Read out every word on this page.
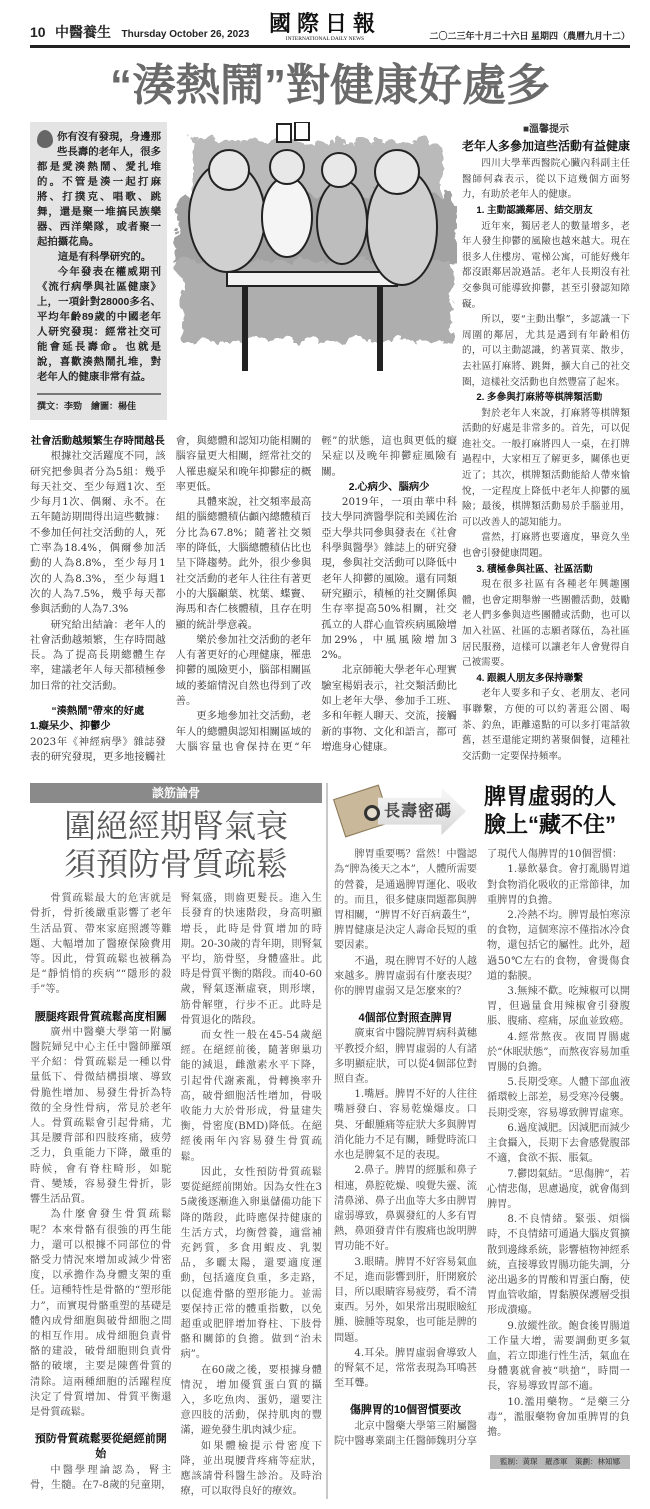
10 中醫養生 Thursday October 26, 2023 國際日報
INTERNATIONAL DAILY NEWS	二〇二三年十月二十六日 星期四（農曆九月十二）
“湊熱鬧”對健康好處多

你有沒有發現，身邊那些長壽的老年人，很多都是愛湊熱鬧、愛扎堆的。不管是湊一起打麻將、打撲克、唱歌、跳舞，還是聚一堆搞民族樂器、西洋樂隊，或者聚一起拍攝花鳥。

這是有科學研究的。

今年發表在權威期刊《流行病學與社區健康》上，一項針對28000多名、平均年齡89歲的中國老年人研究發現：經常社交可能會延長壽命。也就是說，喜歡湊熱鬧扎堆，對老年人的健康非常有益。

撰文：李勁　繪圖：楊佳
社會活動越頻繁生存時間越長

根據社交活躍度不同，該研究把參與者分為5組：幾乎每天社交、至少每週1次、至少每月1次、偶爾、永不。在五年隨訪期間得出這些數據：不參加任何社交活動的人，死亡率為18.4%，偶爾參加活動的人為8.8%，至少每月1次的人為8.3%，至少每週1次的人為7.5%，幾乎每天都參與活動的人為7.3%

研究給出結論：老年人的社會活動越頻繁，生存時間越長。為了提高長期總體生存率，建議老年人每天都積極參加日常的社交活動。

“湊熱鬧”帶來的好處
1.癡呆少、抑鬱少

2023年《神經病學》雜誌發表的研究發現，更多地接觸社會，與總體和認知功能相關的腦容量更大相關，經常社交的人罹患癡呆和晚年抑鬱症的概率更低。

具體來說，社交頻率最高組的腦總體積佔顱內總體積百分比為67.8%；隨著社交頻率的降低，大腦總體積佔比也呈下降趨勢。此外，很少參與社交活動的老年人往往有著更小的大腦顳葉、枕葉、蝶竇、海馬和杏仁核體積，且存在明顯的統計學意義。

樂於參加社交活動的老年人有著更好的心理健康，罹患抑鬱的風險更小，腦部相關區域的萎縮情況自然也得到了改善。

更多地參加社交活動，老年人的總體與認知相關區域的大腦容量也會保持在更“年輕”的狀態，這也與更低的癡呆症以及晚年抑鬱症風險有關。

2.心病少、腦病少

2019年，一項由華中科技大學同濟醫學院和美國佐治亞大學共同參與發表在《社會科學與醫學》雜誌上的研究發現，參與社交活動可以降低中老年人抑鬱的風險。還有同類研究顯示，積極的社交關係與生存率提高50%相關，社交孤立的人群心血管疾病風險增加29%，中風風險增加32%。

北京師範大學老年心理實驗室楊娟表示，社交類活動比如上老年大學、參加手工班、多和年輕人聊天、交流，接觸新的事物、文化和語言，都可增進身心健康。

■溫馨提示
老年人多參加這些活動有益健康

四川大學華西醫院心臟內科副主任醫師何森表示，從以下這幾個方面努力，有助於老年人的健康。

1. 主動認識鄰居、結交朋友

近年來，獨居老人的數量增多，老年人發生抑鬱的風險也越來越大。現在很多人住樓房、電梯公寓，可能好幾年都沒跟鄰居說過話。老年人長期沒有社交參與可能導致抑鬱，甚至引發認知障礙。

所以，要“主動出擊”，多認識一下周圍的鄰居，尤其是遇到有年齡相仿的，可以主動認識，約著買菜、散步，去社區打麻將、跳舞，擴大自己的社交圈，這樣社交活動也自然豐富了起來。

2. 多參與打麻將等棋牌類活動

對於老年人來說，打麻將等棋牌類活動的好處是非常多的。首先，可以促進社交。一般打麻將四人一桌，在打牌過程中，大家相互了解更多，關係也更近了；其次，棋牌類活動能給人帶來愉悅，一定程度上降低中老年人抑鬱的風險；最後，棋牌類活動易於手腦並用，可以改善人的認知能力。

當然，打麻將也要適度，畢竟久坐也會引發健康問題。

3. 積極參與社區、社區活動

現在很多社區有各種老年興趣團體，也會定期舉辦一些團體活動，鼓勵老人們多參與這些團體或活動，也可以加入社區、社區的志願者隊伍，為社區居民服務，這樣可以讓老年人會覺得自己被需要。

4. 跟親人朋友多保持聯繫

老年人要多和子女、老朋友、老同事聯繫，方便的可以約著逛公園、喝茶、釣魚，距離遠點的可以多打電話敘舊，甚至還能定期約著聚個餐，這種社交活動一定要保持頻率。

談筋論骨
圍絕經期腎氣衰
須預防骨質疏鬆

骨質疏鬆最大的危害就是骨折，骨折後嚴重影響了老年生活品質、帶來家庭照護等難題、大幅增加了醫療保險費用等。因此，骨質疏鬆也被稱為是“靜悄悄的疾病”“隱形的殺手”等。

腰腿疼跟骨質疏鬆高度相關

廣州中醫藥大學第一附屬醫院婦兒中心主任中醫師羅頌平介紹：骨質疏鬆是一種以骨量低下、骨微結構損壞、導致骨脆性增加、易發生骨折為特徵的全身性骨病，常見於老年人。骨質疏鬆會引起骨痛，尤其是腰背部和四肢疼痛，疲勞乏力，負重能力下降，嚴重的時候，會有脊柱畸形，如駝背、變矮，容易發生骨折，影響生活品質。

為什麼會發生骨質疏鬆呢？本來骨骼有很強的再生能力，還可以根據不同部位的骨骼受力情況來增加或減少骨密度，以承擔作為身體支架的重任。這種特性是骨骼的“塑形能力”，而實現骨骼重塑的基礎是體內成骨細胞與破骨細胞之間的相互作用。成骨細胞負責骨骼的建設，破骨細胞則負責骨骼的破壞，主要是陳舊骨質的清除。這兩種細胞的活躍程度決定了骨質增加、骨質平衡還是骨質疏鬆。

預防骨質疏鬆要從絕經前開始

中醫學理論認為，腎主骨，生髓。在7-8歲的兒童期，腎氣盛，則齒更髮長。進入生長發育的快速階段，身高明顯增長，此時是骨質增加的時期。20-30歲的青年期，則腎氣平均，筋骨堅，身體盛壯。此時是骨質平衡的階段。而40-60歲，腎氣逐漸虛衰，則形壞，筋骨解墮，行步不正。此時是骨質退化的階段。

而女性一般在45-54歲絕經。在絕經前後，隨著卵巢功能的減退，雌激素水平下降，引起骨代謝紊亂，骨轉換率升高，破骨細胞活性增加，骨吸收能力大於骨形成，骨量建失衡，骨密度(BMD)降低。在絕經後兩年內容易發生骨質疏鬆。

因此，女性預防骨質疏鬆要從絕經前開始。因為女性在35歲後逐漸進入卵巢儲備功能下降的階段，此時應保持健康的生活方式，均衡營養，適當補充鈣質，多食用蝦皮、乳製品，多曬太陽，還要適度運動，包括適度負重，多走路，以促進骨骼的塑形能力。並需要保持正常的體重指數，以免超重或肥胖增加脊柱、下肢骨骼和關節的負擔。做到“治未病”。

在60歲之後，要根據身體情況，增加優質蛋白質的攝入，多吃魚肉、蛋奶，還要注意四肢的活動，保持肌肉的豐滿，避免發生肌肉減少症。

如果體檢提示骨密度下降，並出現腰背疼痛等症狀，應該請骨科醫生診治。及時治療，可以取得良好的療效。

長壽密碼
脾胃虛弱的人
臉上“藏不住”

脾胃重要嗎？當然！中醫認為“脾為後天之本”，人體所需要的營養，是通過脾胃運化、吸收的。而且，很多健康問題都與脾胃相關，“脾胃不好百病叢生”，脾胃健康是決定人壽命長短的重要因素。

不過，現在脾胃不好的人越來越多。脾胃虛弱有什麼表現？你的脾胃虛弱又是怎麼來的？

4個部位對照查脾胃

廣東省中醫院脾胃病科黃穗平教授介紹，脾胃虛弱的人有諸多明顯症狀，可以從4個部位對照自查。

1.嘴唇。脾胃不好的人往往嘴唇發白、容易乾燥爆皮。口臭、牙齦腫痛等症狀大多與脾胃消化能力不足有關，睡覺時流口水也是脾氣不足的表現。

2.鼻子。脾胃的經脈和鼻子相連，鼻腔乾燥、嗅覺失靈、流清鼻涕、鼻子出血等大多由脾胃虛弱導致，鼻翼發紅的人多有胃熱，鼻頭發青伴有腹痛也說明脾胃功能不好。

3.眼睛。脾胃不好容易氣血不足，進而影響到肝，肝開竅於目，所以眼睛容易疲勞，看不清東西。另外，如果常出現眼瞼紅腫、臉腫等現象，也可能是脾的問題。

4.耳朵。脾胃虛弱會導致人的腎氣不足，常常表現為耳鳴甚至耳聾。

傷脾胃的10個習慣要改

北京中醫藥大學第三附屬醫院中醫專業副主任醫師魏玥分享了現代人傷脾胃的10個習慣：

1.暴飲暴食。會打亂腸胃道對食物消化吸收的正常節律，加重脾胃的負擔。

2.冷熱不均。脾胃最怕寒涼的食物，這個寒涼不僅指冰冷食物，還包括它的屬性。此外，超過50℃左右的食物，會燙傷食道的黏膜。

3.無辣不歡。吃辣椒可以開胃，但過量食用辣椒會引發腹脹、腹痛、痙痛，尿血並致癌。

4.經常熬夜。夜間胃腸處於“休眠狀態”，而熬夜容易加重胃腸的負擔。

5.長期受寒。人體下部血液循環較上部差，易受寒冷侵襲。長期受寒，容易導致脾胃虛寒。

6.過度減肥。因減肥而減少主食攝入，長期下去會感覺腹部不適，食欲不振、脹氣。

7.鬱悶氣結。“思傷脾”，若心情悲傷，思慮過度，就會傷到脾胃。

8.不良情緒。緊張、煩惱時，不良情緒可通過大腦皮質擴散到邊緣系統，影響植物神經系統，直接導致胃腸功能失調，分泌出過多的胃酸和胃蛋白酶，使胃血管收縮，胃黏膜保護層受損形成潰瘍。

9.放縱性欲。飽食後胃腸道工作量大增，需要調動更多氣血，若立即進行性生活，氣血在身體裏就會被“哄搶”，時間一長，容易導致胃部不適。

10.濫用藥物。“是藥三分毒”，濫服藥物會加重脾胃的負擔。

監制：黃琛　羅彥軍　策劃：林知娜
